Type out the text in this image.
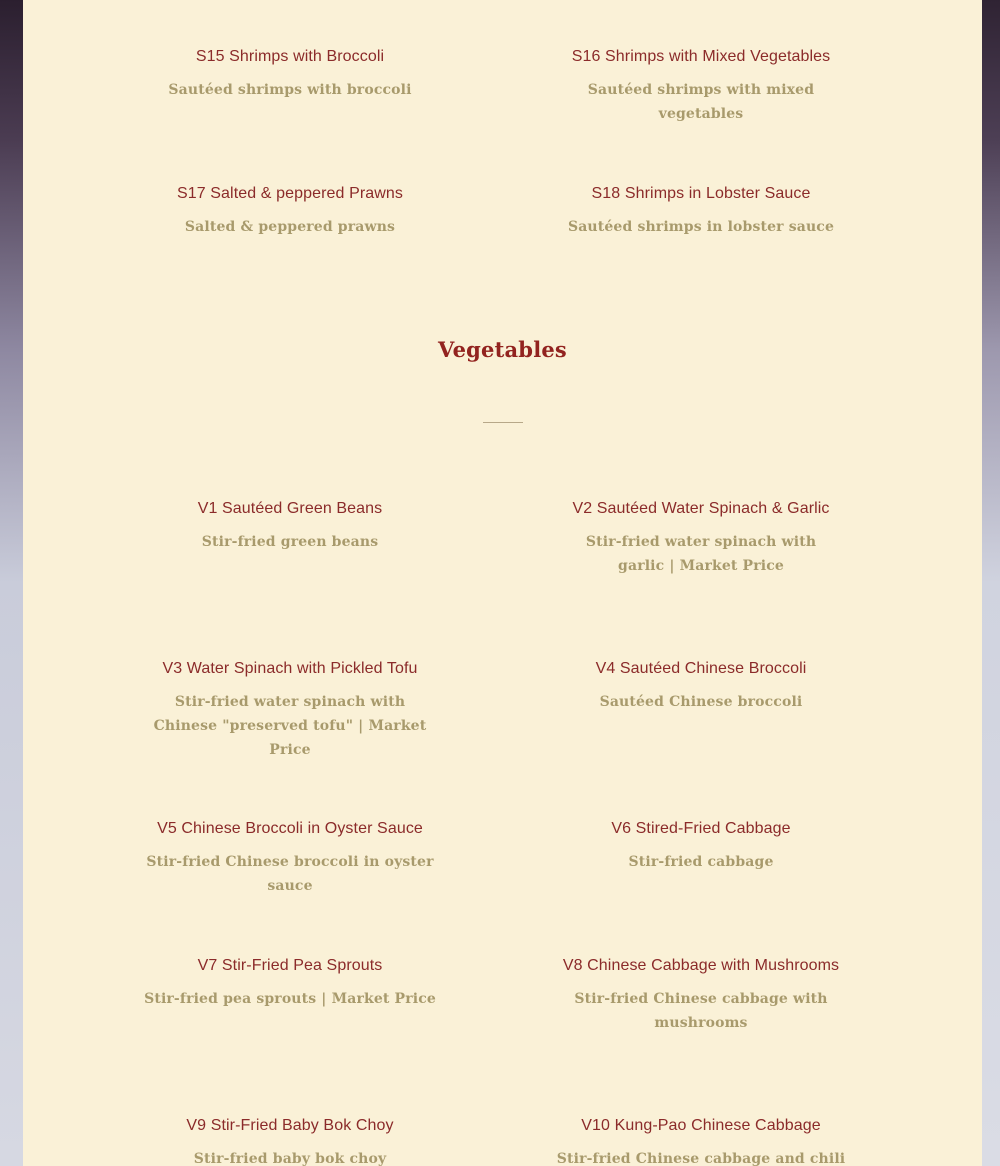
S15 Shrimps with Broccoli
Sautéed shrimps with broccoli
S16 Shrimps with Mixed Vegetables
Sautéed shrimps with mixed vegetables
S17 Salted & peppered Prawns
Salted & peppered prawns
S18 Shrimps in Lobster Sauce
Sautéed shrimps in lobster sauce
Vegetables
V1 Sautéed Green Beans
Stir-fried green beans
V2 Sautéed Water Spinach & Garlic
Stir-fried water spinach with garlic | Market Price
V3 Water Spinach with Pickled Tofu
Stir-fried water spinach with Chinese "preserved tofu" | Market Price
V4 Sautéed Chinese Broccoli
Sautéed Chinese broccoli
V5 Chinese Broccoli in Oyster Sauce
Stir-fried Chinese broccoli in oyster sauce
V6 Stired-Fried Cabbage
Stir-fried cabbage
V7 Stir-Fried Pea Sprouts
Stir-fried pea sprouts | Market Price
V8 Chinese Cabbage with Mushrooms
Stir-fried Chinese cabbage with mushrooms
V9 Stir-Fried Baby Bok Choy
Stir-fried baby bok choy
V10 Kung-Pao Chinese Cabbage
Stir-fried Chinese cabbage and chili
